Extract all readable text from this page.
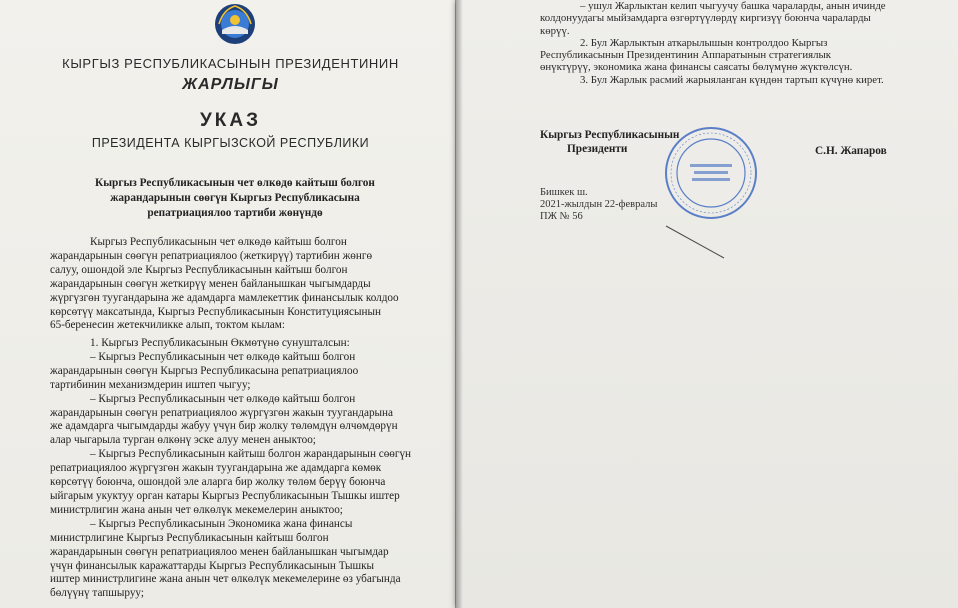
КЫРГЫЗ РЕСПУБЛИКАСЫНЫН ПРЕЗИДЕНТИНИН
ЖАРЛЫГЫ
УКАЗ
ПРЕЗИДЕНТА КЫРГЫЗСКОЙ РЕСПУБЛИКИ
Кыргыз Республикасынын чет өлкөдө кайтыш болгон
жарандарынын сөөгүн Кыргыз Республикасына
репатриациялоо тартиби жөнүндө

Кыргыз Республикасынын чет өлкөдө кайтыш болгон

жарандарынын сөөгүн репатриациялоо (жеткирүү) тартибин жөнгө

салуу, ошондой эле Кыргыз Республикасынын кайтыш болгон

жарандарынын сөөгүн жеткирүү менен байланышкан чыгымдарды

жүргүзгөн туугандарына же адамдарга мамлекеттик финансылык колдоо

көрсөтүү максатында, Кыргыз Республикасынын Конституциясынын

65-беренесин жетекчиликке алып, токтом кылам:

1. Кыргыз Республикасынын Өкмөтүнө сунушталсын:

– Кыргыз Республикасынын чет өлкөдө кайтыш болгон

жарандарынын сөөгүн Кыргыз Республикасына репатриациялоо

тартибинин механизмдерин иштеп чыгуу;

– Кыргыз Республикасынын чет өлкөдө кайтыш болгон

жарандарынын сөөгүн репатриациялоо жүргүзгөн жакын туугандарына

же адамдарга чыгымдарды жабуу үчүн бир жолку төлөмдүн өлчөмдөрүн

алар чыгарыла турган өлкөнү эске алуу менен аныктоо;

– Кыргыз Республикасынын кайтыш болгон жарандарынын сөөгүн

репатриациялоо жүргүзгөн жакын туугандарына же адамдарга көмөк

көрсөтүү боюнча, ошондой эле аларга бир жолку төлөм берүү боюнча

ыйгарым укуктуу орган катары Кыргыз Республикасынын Тышкы иштер

министрлигин жана анын чет өлкөлүк мекемелерин аныктоо;

– Кыргыз Республикасынын Экономика жана финансы

министрлигине Кыргыз Республикасынын кайтыш болгон

жарандарынын сөөгүн репатриациялоо менен байланышкан чыгымдар

үчүн финансылык каражаттарды Кыргыз Республикасынын Тышкы

иштер министрлигине жана анын чет өлкөлүк мекемелерине өз убагында

бөлүүнү тапшыруу;

– ушул Жарлыктан келип чыгуучу башка чараларды, анын ичинде

колдонуудагы мыйзамдарга өзгөртүүлөрдү киргизүү боюнча чараларды

көрүү.

2. Бул Жарлыктын аткарылышын контролдоо Кыргыз

Республикасынын Президентинин Аппаратынын стратегиялык

өнүктүрүү, экономика жана финансы саясаты бөлүмүнө жүктөлсүн.

3. Бул Жарлык расмий жарыяланган күндөн тартып күчүнө кирет.

Кыргыз Республикасынын
Президенти	С.Н. Жапаров
Бишкек ш.
2021-жылдын 22-февралы
ПЖ № 56
